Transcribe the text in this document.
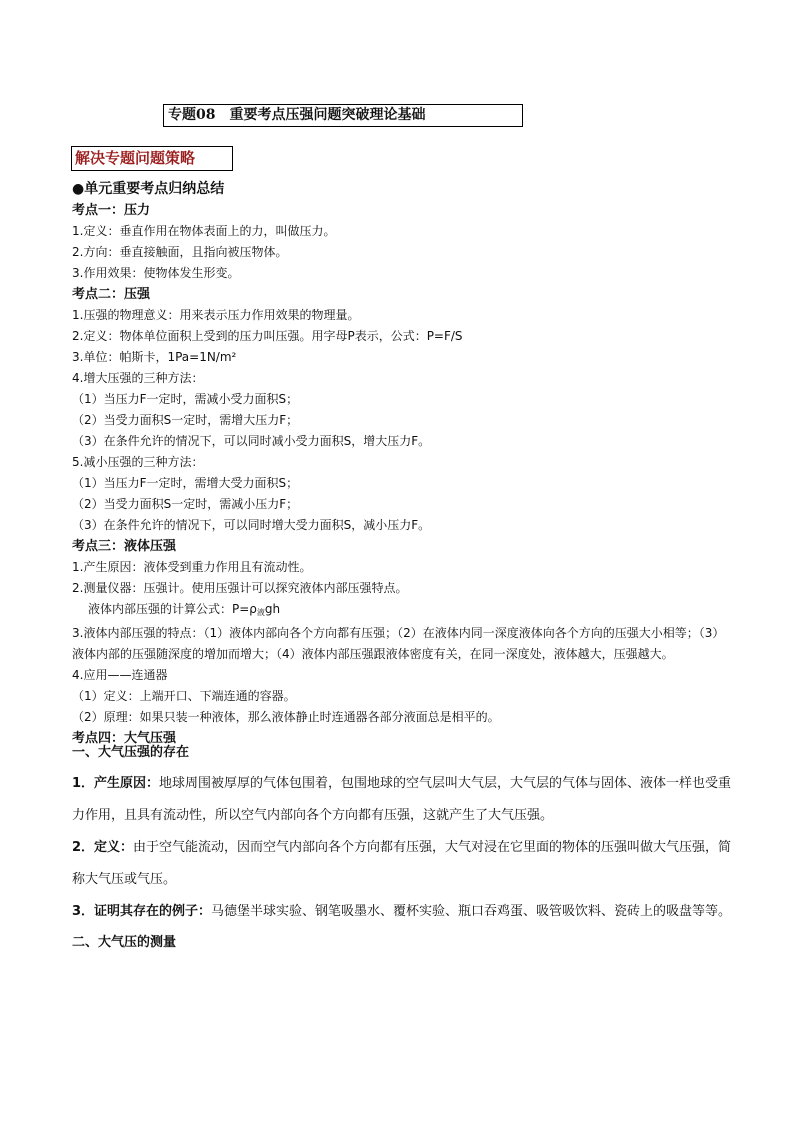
专题08　重要考点压强问题突破理论基础
解决专题问题策略
●单元重要考点归纳总结
考点一：压力
1.定义：垂直作用在物体表面上的力，叫做压力。
2.方向：垂直接触面，且指向被压物体。
3.作用效果：使物体发生形变。
考点二：压强
1.压强的物理意义：用来表示压力作用效果的物理量。
2.定义：物体单位面积上受到的压力叫压强。用字母P表示，公式：P=F/S
3.单位：帕斯卡，1Pa=1N/m²
4.增大压强的三种方法：
（1）当压力F一定时，需减小受力面积S；
（2）当受力面积S一定时，需增大压力F；
（3）在条件允许的情况下，可以同时减小受力面积S，增大压力F。
5.减小压强的三种方法：
（1）当压力F一定时，需增大受力面积S；
（2）当受力面积S一定时，需减小压力F；
（3）在条件允许的情况下，可以同时增大受力面积S，减小压力F。
考点三：液体压强
1.产生原因：液体受到重力作用且有流动性。
2.测量仪器：压强计。使用压强计可以探究液体内部压强特点。
液体内部压强的计算公式：$P=\rho_液gh$
3.液体内部压强的特点：（1）液体内部向各个方向都有压强；（2）在液体内同一深度液体向各个方向的压强大小相等；（3）液体内部的压强随深度的增加而增大；（4）液体内部压强跟液体密度有关，在同一深度处，液体越大，压强越大。
4.应用——连通器
（1）定义：上端开口、下端连通的容器。
（2）原理：如果只装一种液体，那么液体静止时连通器各部分液面总是相平的。
考点四：大气压强
一、大气压强的存在
1．产生原因：地球周围被厚厚的气体包围着，包围地球的空气层叫大气层，大气层的气体与固体、液体一样也受重力作用，且具有流动性，所以空气内部向各个方向都有压强，这就产生了大气压强。
2．定义：由于空气能流动，因而空气内部向各个方向都有压强，大气对浸在它里面的物体的压强叫做大气压强，简称大气压或气压。
3．证明其存在的例子：马德堡半球实验、钢笔吸墨水、覆杯实验、瓶口吞鸡蛋、吸管吸饮料、瓷砖上的吸盘等等。
二、大气压的测量
